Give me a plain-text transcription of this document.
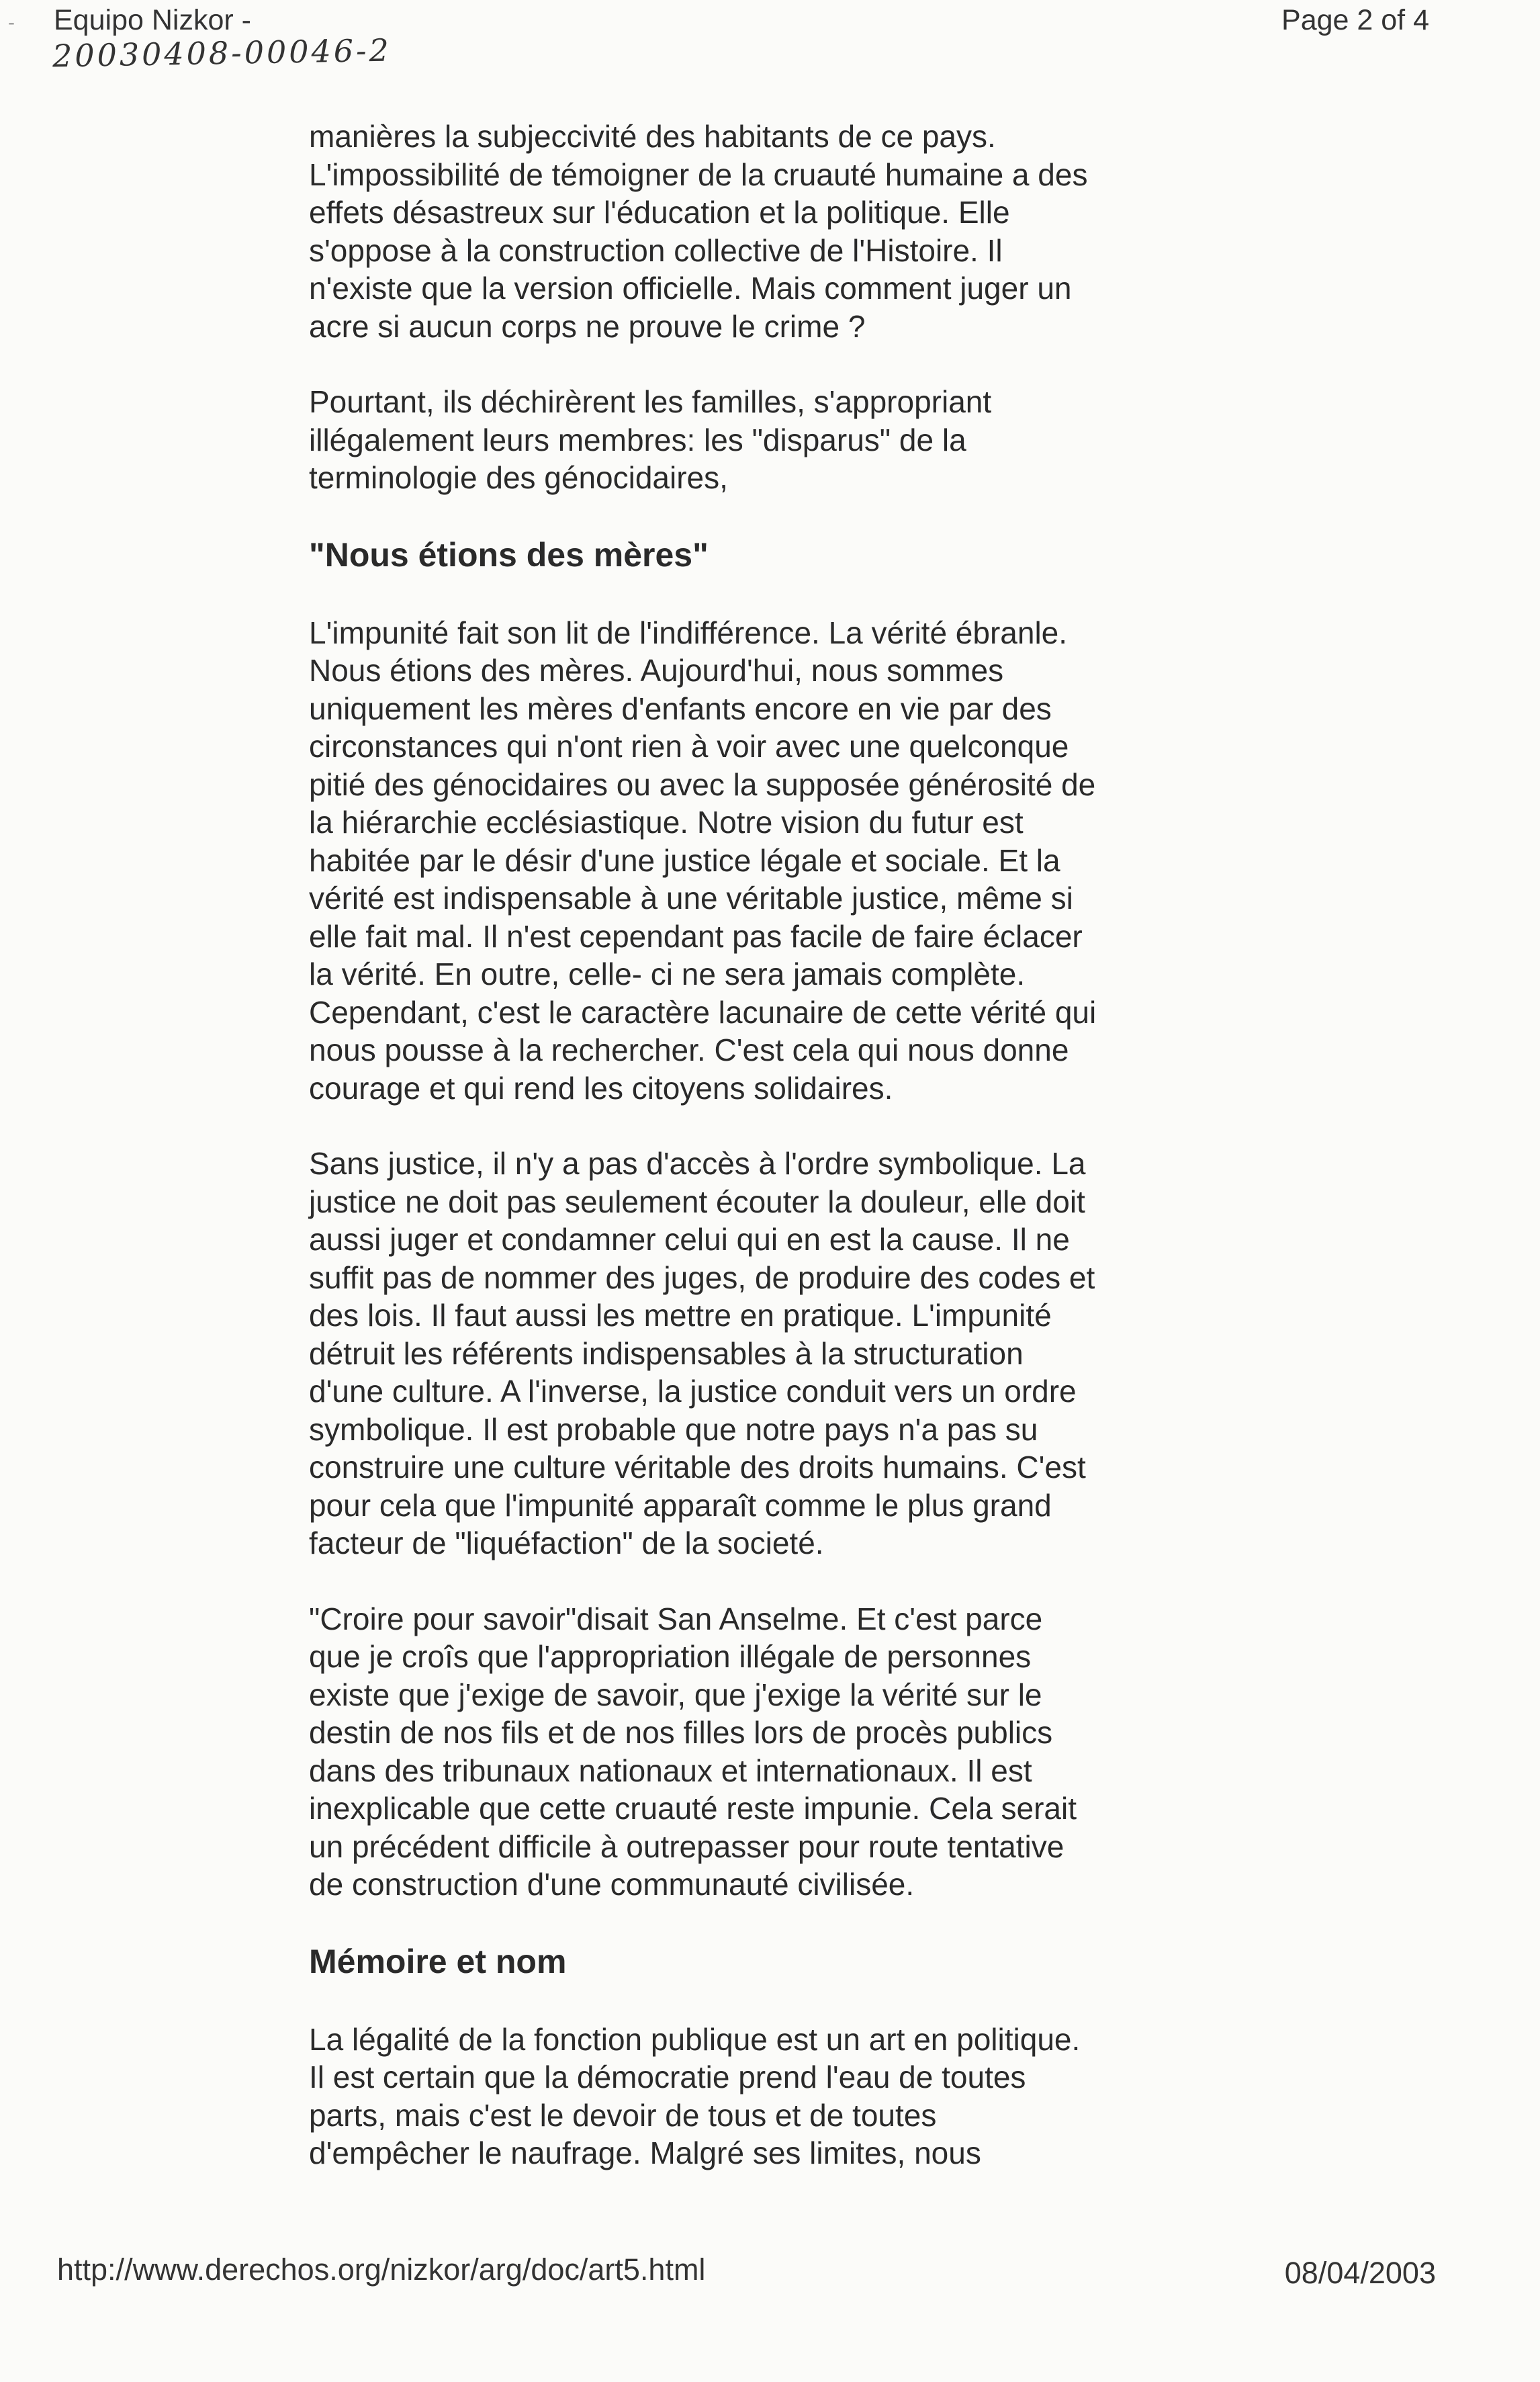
- Equipo Nizkor -
20030408-00046-2
Page 2 of 4
manières la subjeccivité des habitants de ce pays.
L'impossibilité de témoigner de la cruauté humaine a des
effets désastreux sur l'éducation et la politique. Elle
s'oppose à la construction collective de l'Histoire. Il
n'existe que la version officielle. Mais comment juger un
acre si aucun corps ne prouve le crime ?
Pourtant, ils déchirèrent les familles, s'appropriant
illégalement leurs membres: les "disparus" de la
terminologie des génocidaires,
"Nous étions des mères"
L'impunité fait son lit de l'indifférence. La vérité ébranle.
Nous étions des mères. Aujourd'hui, nous sommes
uniquement les mères d'enfants encore en vie par des
circonstances qui n'ont rien à voir avec une quelconque
pitié des génocidaires ou avec la supposée générosité de
la hiérarchie ecclésiastique. Notre vision du futur est
habitée par le désir d'une justice légale et sociale. Et la
vérité est indispensable à une véritable justice, même si
elle fait mal. Il n'est cependant pas facile de faire éclacer
la vérité. En outre, celle- ci ne sera jamais complète.
Cependant, c'est le caractère lacunaire de cette vérité qui
nous pousse à la rechercher. C'est cela qui nous donne
courage et qui rend les citoyens solidaires.
Sans justice, il n'y a pas d'accès à l'ordre symbolique. La
justice ne doit pas seulement écouter la douleur, elle doit
aussi juger et condamner celui qui en est la cause. Il ne
suffit pas de nommer des juges, de produire des codes et
des lois. Il faut aussi les mettre en pratique. L'impunité
détruit les référents indispensables à la structuration
d'une culture. A l'inverse, la justice conduit vers un ordre
symbolique. Il est probable que notre pays n'a pas su
construire une culture véritable des droits humains. C'est
pour cela que l'impunité apparaît comme le plus grand
facteur de "liquéfaction" de la societé.
"Croire pour savoir"disait San Anselme. Et c'est parce
que je croîs que l'appropriation illégale de personnes
existe que j'exige de savoir, que j'exige la vérité sur le
destin de nos fils et de nos filles lors de procès publics
dans des tribunaux nationaux et internationaux. Il est
inexplicable que cette cruauté reste impunie. Cela serait
un précédent difficile à outrepasser pour route tentative
de construction d'une communauté civilisée.
Mémoire et nom
La légalité de la fonction publique est un art en politique.
Il est certain que la démocratie prend l'eau de toutes
parts, mais c'est le devoir de tous et de toutes
d'empêcher le naufrage. Malgré ses limites, nous
http://www.derechos.org/nizkor/arg/doc/art5.html	08/04/2003
